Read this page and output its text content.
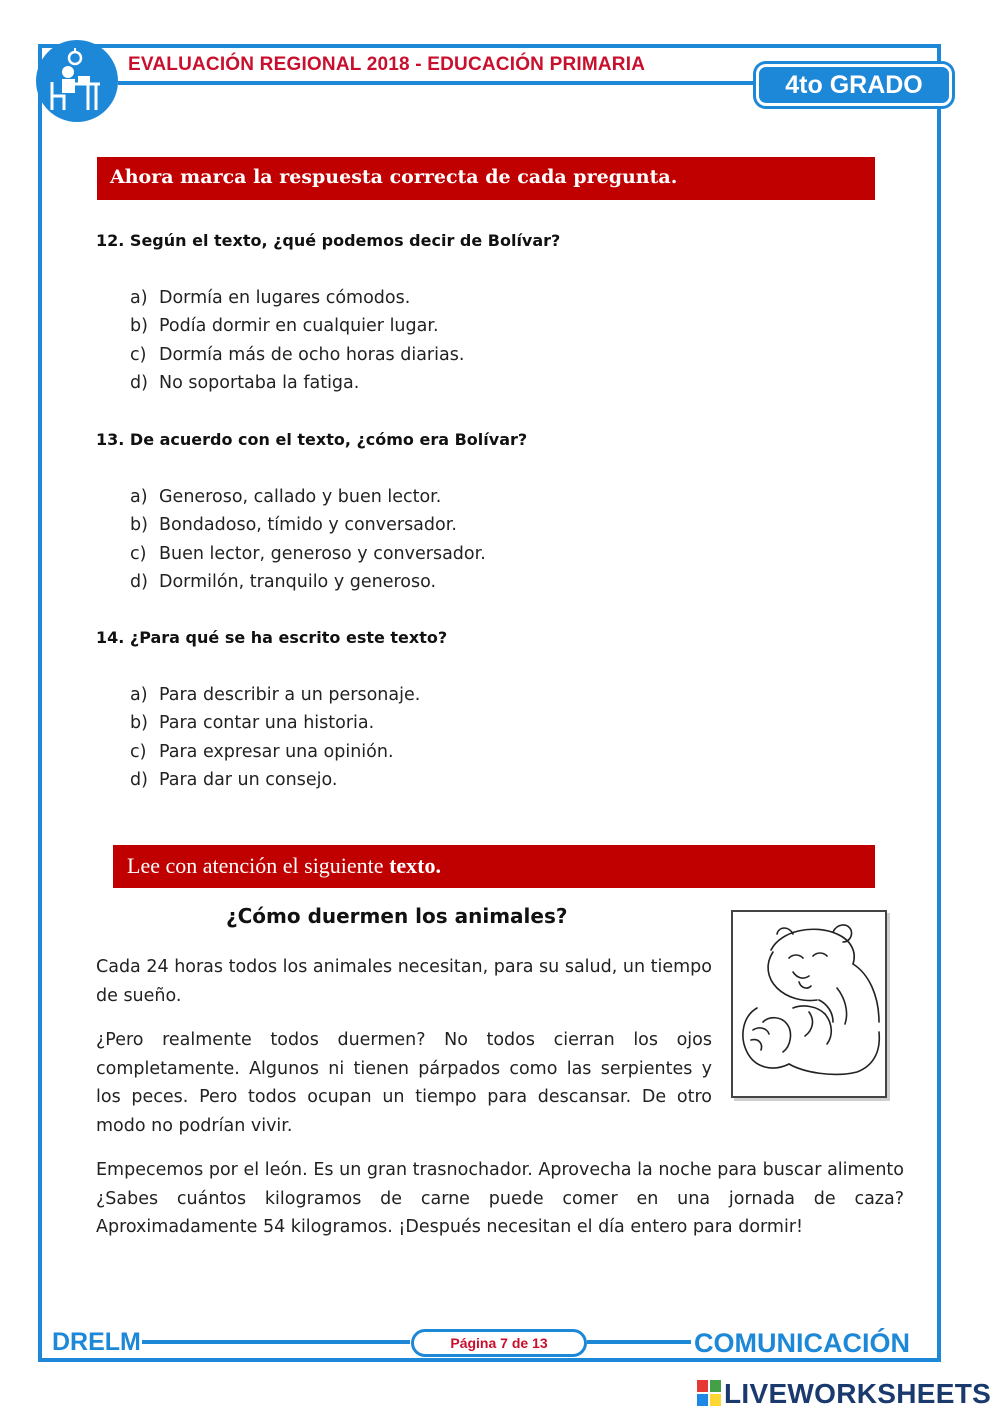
EVALUACIÓN REGIONAL 2018 - EDUCACIÓN PRIMARIA
4to GRADO
Ahora marca la respuesta correcta de cada pregunta.
12. Según el texto, ¿qué podemos decir de Bolívar?
a) Dormía en lugares cómodos.
b) Podía dormir en cualquier lugar.
c) Dormía más de ocho horas diarias.
d) No soportaba la fatiga.
13. De acuerdo con el texto, ¿cómo era Bolívar?
a) Generoso, callado y buen lector.
b) Bondadoso, tímido y conversador.
c) Buen lector, generoso y conversador.
d) Dormilón, tranquilo y generoso.
14. ¿Para qué se ha escrito este texto?
a) Para describir a un personaje.
b) Para contar una historia.
c) Para expresar una opinión.
d) Para dar un consejo.
Lee con atención el siguiente texto.
¿Cómo duermen los animales?

Cada 24 horas todos los animales necesitan, para su salud, un tiempo de sueño.

¿Pero realmente todos duermen? No todos cierran los ojos completamente. Algunos ni tienen párpados como las serpientes y los peces. Pero todos ocupan un tiempo para descansar. De otro modo no podrían vivir.

Empecemos por el león. Es un gran trasnochador. Aprovecha la noche para buscar alimento ¿Sabes cuántos kilogramos de carne puede comer en una jornada de caza? Aproximadamente 54 kilogramos. ¡Después necesitan el día entero para dormir!

DRELM	Página 7 de 13	COMUNICACIÓN
LIVEWORKSHEETS
